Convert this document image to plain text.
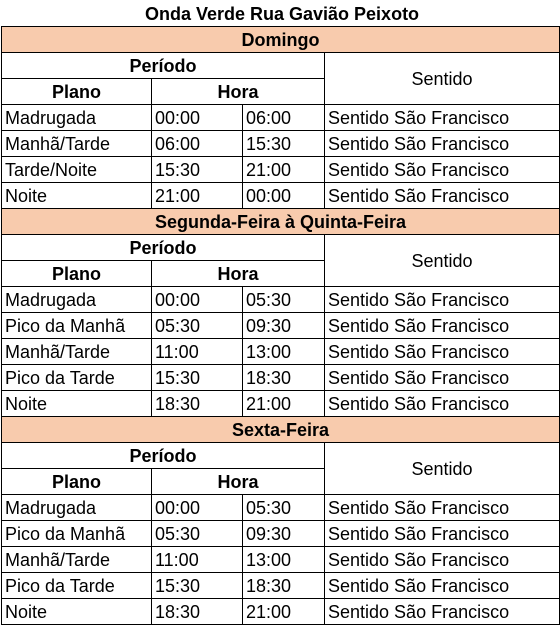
Onda Verde Rua Gavião Peixoto			
Domingo			
Período			Sentido
Plano	Hora		
Madrugada	00:00	06:00	Sentido São Francisco
Manhã/Tarde	06:00	15:30	Sentido São Francisco
Tarde/Noite	15:30	21:00	Sentido São Francisco
Noite	21:00	00:00	Sentido São Francisco
Segunda-Feira à Quinta-Feira			
Período			Sentido
Plano	Hora		
Madrugada	00:00	05:30	Sentido São Francisco
Pico da Manhã	05:30	09:30	Sentido São Francisco
Manhã/Tarde	11:00	13:00	Sentido São Francisco
Pico da Tarde	15:30	18:30	Sentido São Francisco
Noite	18:30	21:00	Sentido São Francisco
Sexta-Feira			
Período			Sentido
Plano	Hora		
Madrugada	00:00	05:30	Sentido São Francisco
Pico da Manhã	05:30	09:30	Sentido São Francisco
Manhã/Tarde	11:00	13:00	Sentido São Francisco
Pico da Tarde	15:30	18:30	Sentido São Francisco
Noite	18:30	21:00	Sentido São Francisco
